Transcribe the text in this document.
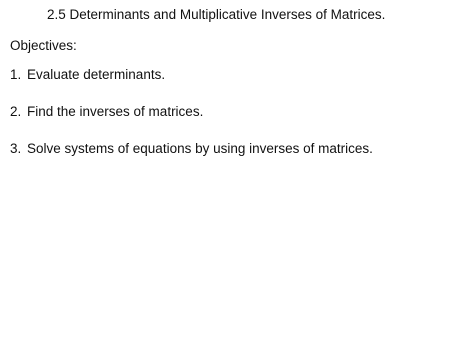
2.5 Determinants and Multiplicative Inverses of Matrices.
Objectives:
1. Evaluate determinants.
2. Find the inverses of matrices.
3. Solve systems of equations by using inverses of matrices.
